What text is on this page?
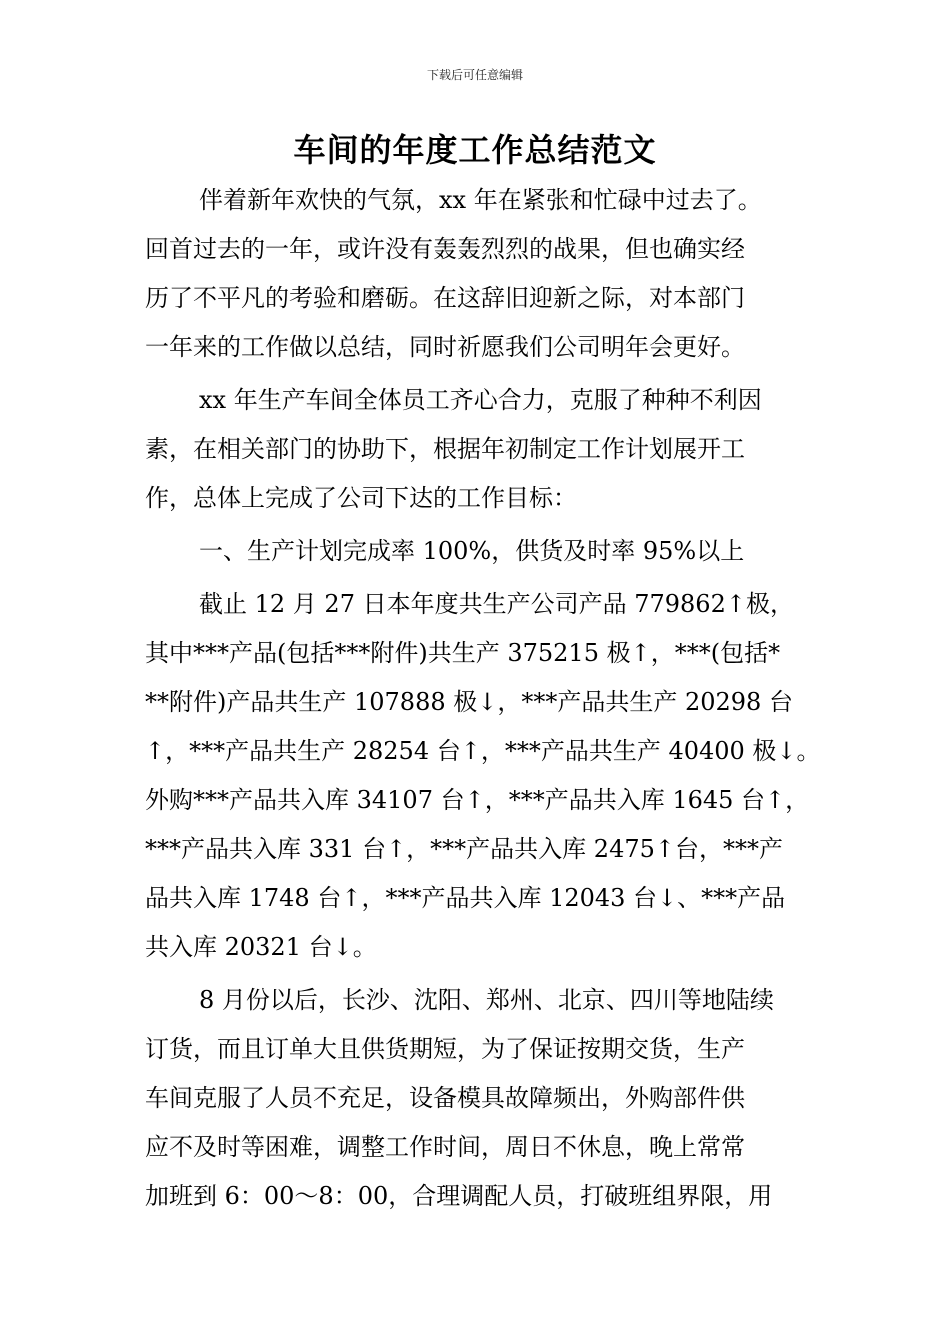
下载后可任意编辑
车间的年度工作总结范文
伴着新年欢快的气氛，xx 年在紧张和忙碌中过去了。
回首过去的一年，或许没有轰轰烈烈的战果，但也确实经
历了不平凡的考验和磨砺。在这辞旧迎新之际，对本部门
一年来的工作做以总结，同时祈愿我们公司明年会更好。
xx 年生产车间全体员工齐心合力，克服了种种不利因
素，在相关部门的协助下，根据年初制定工作计划展开工
作，总体上完成了公司下达的工作目标：
一、生产计划完成率 100%，供货及时率 95%以上
截止 12 月 27 日本年度共生产公司产品 779862↑极，
其中***产品(包括***附件)共生产 375215 极↑，***(包括*
**附件)产品共生产 107888 极↓，***产品共生产 20298 台
↑，***产品共生产 28254 台↑，***产品共生产 40400 极↓。
外购***产品共入库 34107 台↑，***产品共入库 1645 台↑，
***产品共入库 331 台↑，***产品共入库 2475↑台，***产
品共入库 1748 台↑，***产品共入库 12043 台↓、***产品
共入库 20321 台↓。
8 月份以后，长沙、沈阳、郑州、北京、四川等地陆续
订货，而且订单大且供货期短，为了保证按期交货，生产
车间克服了人员不充足，设备模具故障频出，外购部件供
应不及时等困难，调整工作时间，周日不休息，晚上常常
加班到 6：00～8：00，合理调配人员，打破班组界限，用
